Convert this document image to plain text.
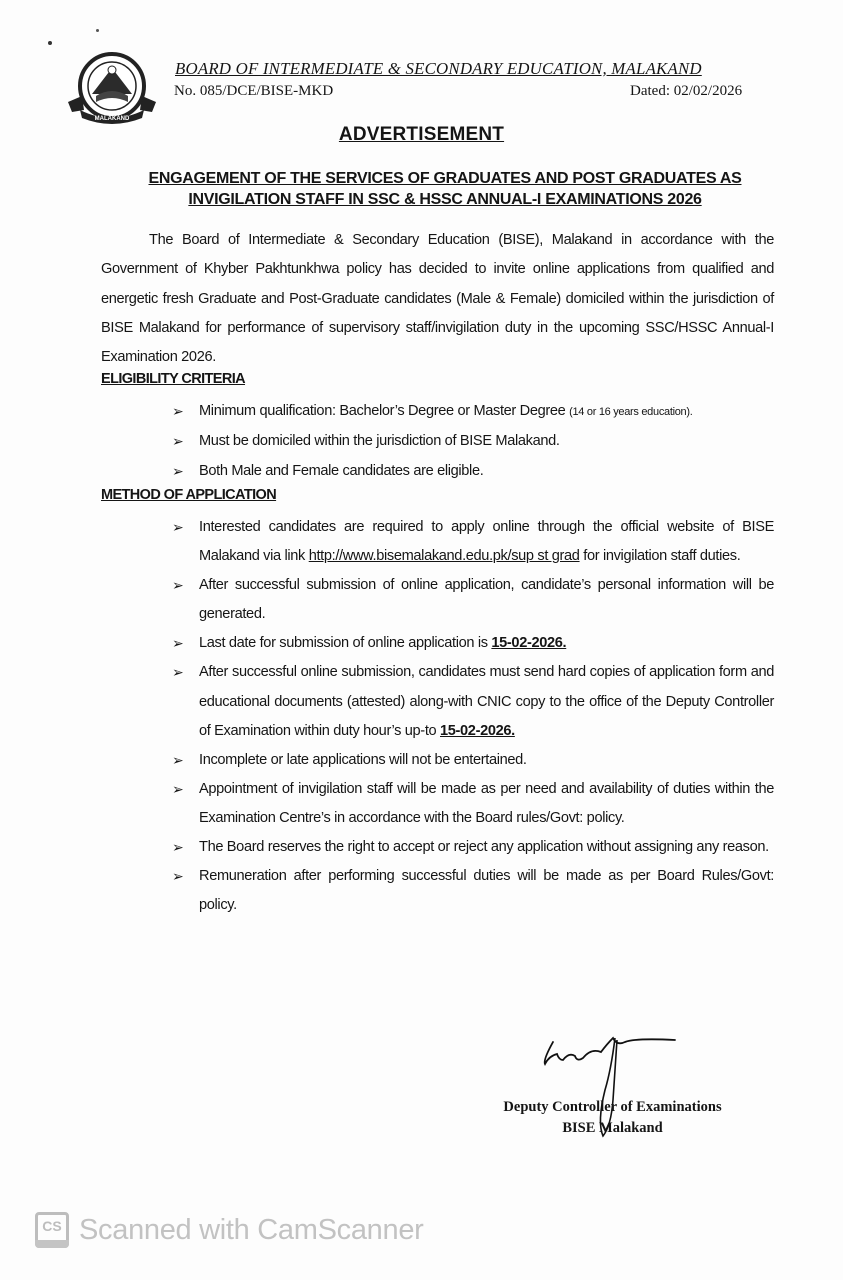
MALAKAND
BOARD OF INTERMEDIATE & SECONDARY EDUCATION, MALAKAND
No. 085/DCE/BISE-MKD	Dated: 02/02/2026
ADVERTISEMENT
ENGAGEMENT OF THE SERVICES OF GRADUATES AND POST GRADUATES AS
INVIGILATION STAFF IN SSC & HSSC ANNUAL-I EXAMINATIONS 2026
The Board of Intermediate & Secondary Education (BISE), Malakand in accordance with the Government of Khyber Pakhtunkhwa policy has decided to invite online applications from qualified and energetic fresh Graduate and Post-Graduate candidates (Male & Female) domiciled within the jurisdiction of BISE Malakand for performance of supervisory staff/invigilation duty in the upcoming SSC/HSSC Annual-I Examination 2026.
ELIGIBILITY CRITERIA
➢ Minimum qualification: Bachelor’s Degree or Master Degree (14 or 16 years education).
➢ Must be domiciled within the jurisdiction of BISE Malakand.
➢ Both Male and Female candidates are eligible.
METHOD OF APPLICATION
➢ Interested candidates are required to apply online through the official website of BISE Malakand via link http://www.bisemalakand.edu.pk/sup st grad for invigilation staff duties.
➢ After successful submission of online application, candidate’s personal information will be generated.
➢ Last date for submission of online application is 15-02-2026.
➢ After successful online submission, candidates must send hard copies of application form and educational documents (attested) along-with CNIC copy to the office of the Deputy Controller of Examination within duty hour’s up-to 15-02-2026.
➢ Incomplete or late applications will not be entertained.
➢ Appointment of invigilation staff will be made as per need and availability of duties within the Examination Centre’s in accordance with the Board rules/Govt: policy.
➢ The Board reserves the right to accept or reject any application without assigning any reason.
➢ Remuneration after performing successful duties will be made as per Board Rules/Govt: policy.
Deputy Controller of Examinations
BISE Malakand
CS Scanned with CamScanner
